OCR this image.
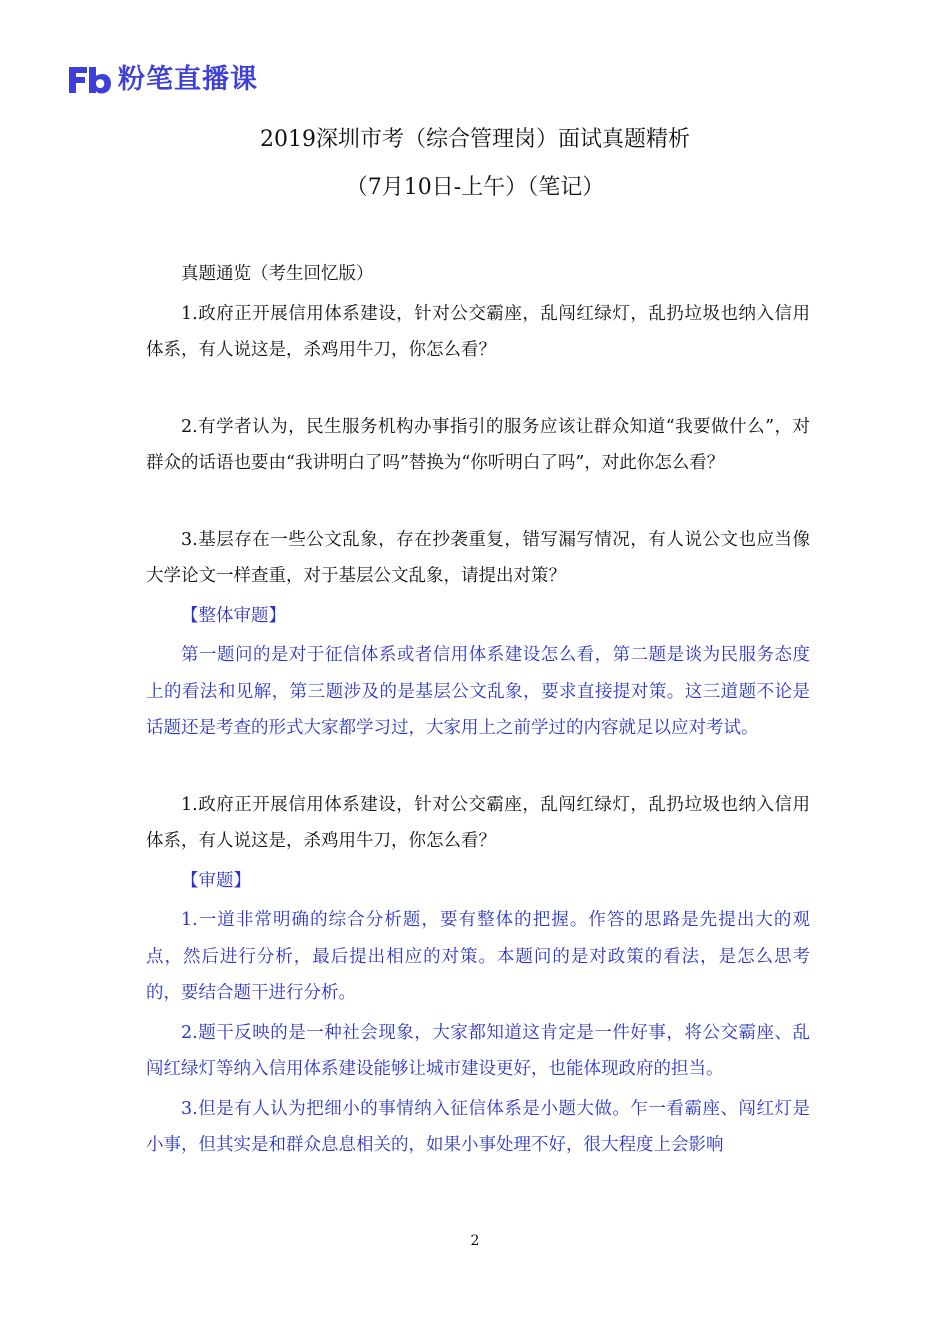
粉笔直播课
2019深圳市考（综合管理岗）面试真题精析
（7月10日-上午）（笔记）

真题通览（考生回忆版）

1.政府正开展信用体系建设，针对公交霸座，乱闯红绿灯，乱扔垃圾也纳入信用体系，有人说这是，杀鸡用牛刀，你怎么看？

2.有学者认为，民生服务机构办事指引的服务应该让群众知道“我要做什么”，对群众的话语也要由“我讲明白了吗”替换为“你听明白了吗”，对此你怎么看？

3.基层存在一些公文乱象，存在抄袭重复，错写漏写情况，有人说公文也应当像大学论文一样查重，对于基层公文乱象，请提出对策？

【整体审题】

第一题问的是对于征信体系或者信用体系建设怎么看，第二题是谈为民服务态度上的看法和见解，第三题涉及的是基层公文乱象，要求直接提对策。这三道题不论是话题还是考查的形式大家都学习过，大家用上之前学过的内容就足以应对考试。

1.政府正开展信用体系建设，针对公交霸座，乱闯红绿灯，乱扔垃圾也纳入信用体系，有人说这是，杀鸡用牛刀，你怎么看？

【审题】

1.一道非常明确的综合分析题，要有整体的把握。作答的思路是先提出大的观点，然后进行分析，最后提出相应的对策。本题问的是对政策的看法，是怎么思考的，要结合题干进行分析。

2.题干反映的是一种社会现象，大家都知道这肯定是一件好事，将公交霸座、乱闯红绿灯等纳入信用体系建设能够让城市建设更好，也能体现政府的担当。

3.但是有人认为把细小的事情纳入征信体系是小题大做。乍一看霸座、闯红灯是小事，但其实是和群众息息相关的，如果小事处理不好，很大程度上会影响

2
